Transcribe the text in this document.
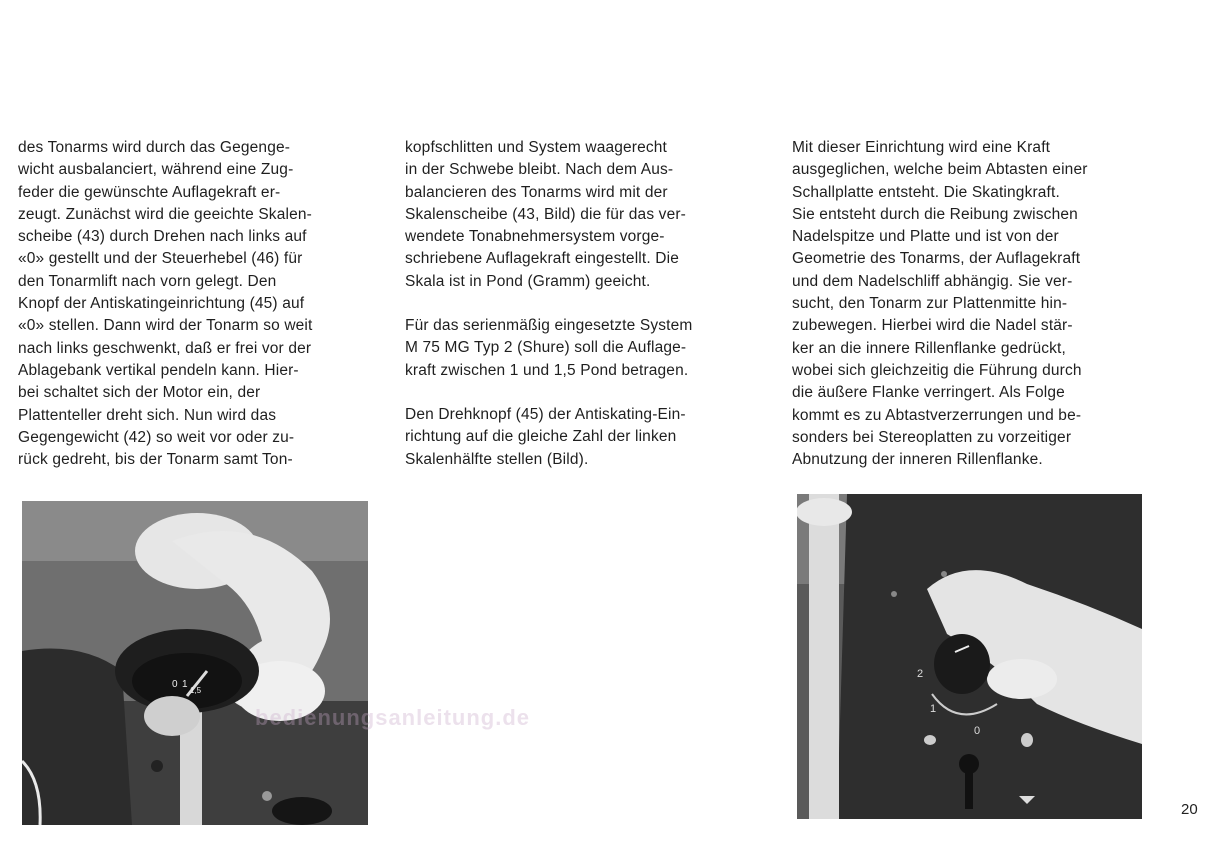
des Tonarms wird durch das Gegenge-
wicht ausbalanciert, während eine Zug-
feder die gewünschte Auflagekraft er-
zeugt. Zunächst wird die geeichte Skalen-
scheibe (43) durch Drehen nach links auf
«0» gestellt und der Steuerhebel (46) für
den Tonarmlift nach vorn gelegt. Den
Knopf der Antiskatingeinrichtung (45) auf
«0» stellen. Dann wird der Tonarm so weit
nach links geschwenkt, daß er frei vor der
Ablagebank vertikal pendeln kann. Hier-
bei schaltet sich der Motor ein, der
Plattenteller dreht sich. Nun wird das
Gegengewicht (42) so weit vor oder zu-
rück gedreht, bis der Tonarm samt Ton-
kopfschlitten und System waagerecht
in der Schwebe bleibt. Nach dem Aus-
balancieren des Tonarms wird mit der
Skalenscheibe (43, Bild) die für das ver-
wendete Tonabnehmersystem vorge-
schriebene Auflagekraft eingestellt. Die
Skala ist in Pond (Gramm) geeicht.
Für das serienmäßig eingesetzte System
M 75 MG Typ 2 (Shure) soll die Auflage-
kraft zwischen 1 und 1,5 Pond betragen.
Den Drehknopf (45) der Antiskating-Ein-
richtung auf die gleiche Zahl der linken
Skalenhälfte stellen (Bild).
Mit dieser Einrichtung wird eine Kraft
ausgeglichen, welche beim Abtasten einer
Schallplatte entsteht. Die Skatingkraft.
Sie entsteht durch die Reibung zwischen
Nadelspitze und Platte und ist von der
Geometrie des Tonarms, der Auflagekraft
und dem Nadelschliff abhängig. Sie ver-
sucht, den Tonarm zur Plattenmitte hin-
zubewegen. Hierbei wird die Nadel stär-
ker an die innere Rillenflanke gedrückt,
wobei sich gleichzeitig die Führung durch
die äußere Flanke verringert. Als Folge
kommt es zu Abtastverzerrungen und be-
sonders bei Stereoplatten zu vorzeitiger
Abnutzung der inneren Rillenflanke.
0 1
1,5
2
1
0
bedienungsanleitung.de
20
